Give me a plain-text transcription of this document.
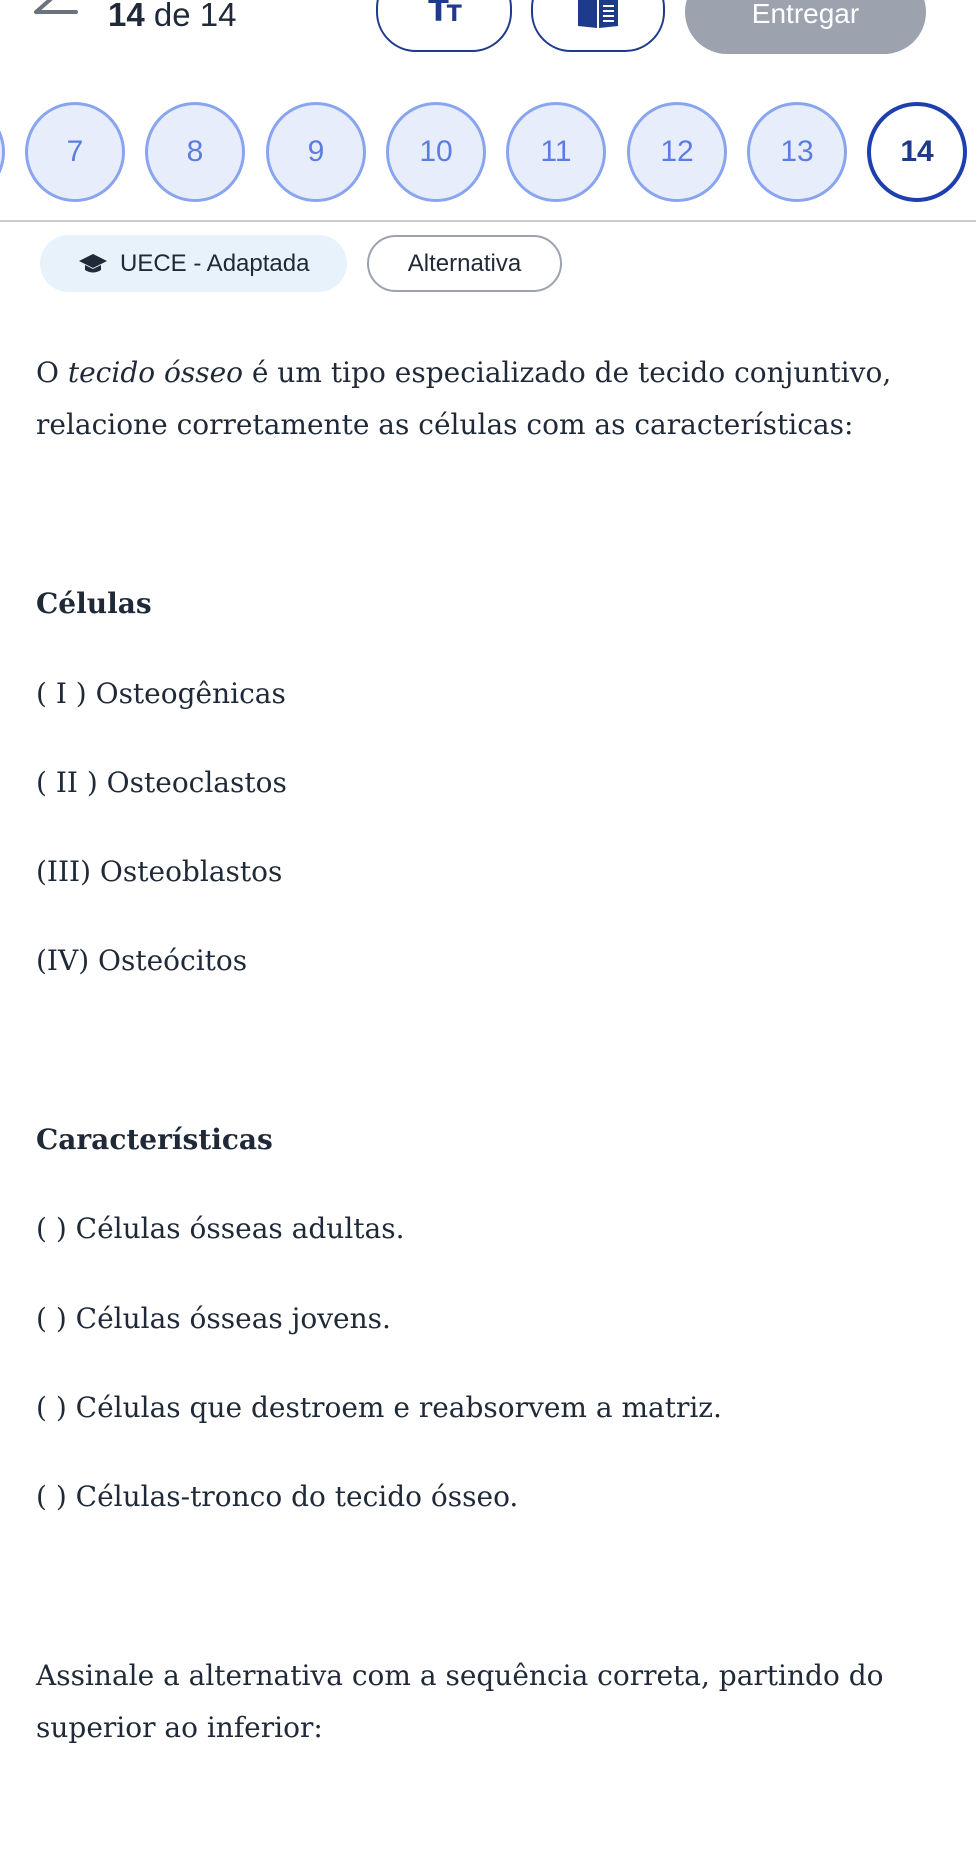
14 de 14	TT	Entregar
7	8	9	10	11	12	13	14
UECE - Adaptada	Alternativa
O tecido ósseo é um tipo especializado de tecido conjuntivo,
relacione corretamente as células com as características:
Células
( I ) Osteogênicas
( II ) Osteoclastos
(III) Osteoblastos
(IV) Osteócitos
Características
( ) Células ósseas adultas.
( ) Células ósseas jovens.
( ) Células que destroem e reabsorvem a matriz.
( ) Células-tronco do tecido ósseo.
Assinale a alternativa com a sequência correta, partindo do
superior ao inferior:
